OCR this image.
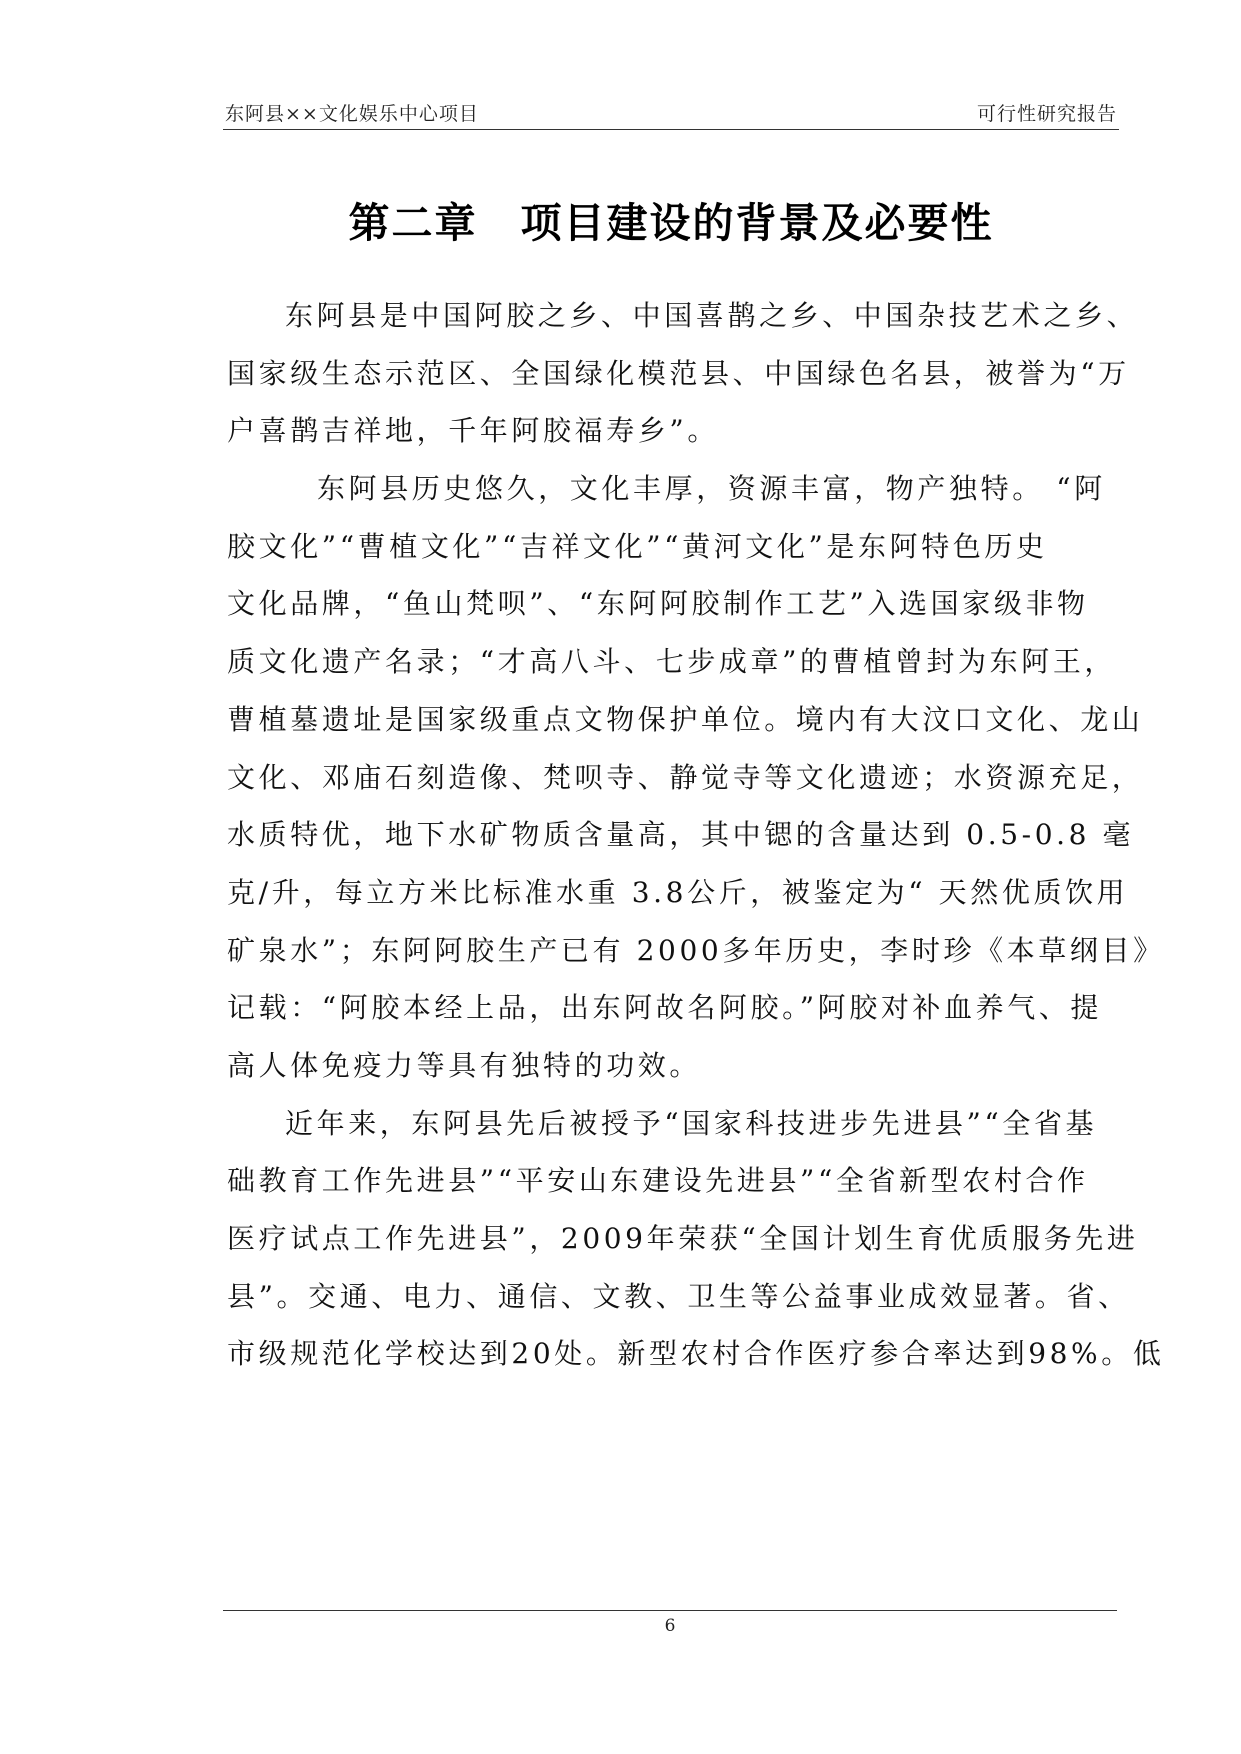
东阿县××文化娱乐中心项目	可行性研究报告
第二章　项目建设的背景及必要性
东阿县是中国阿胶之乡、中国喜鹊之乡、中国杂技艺术之乡、
国家级生态示范区、全国绿化模范县、中国绿色名县，被誉为“万
户喜鹊吉祥地，千年阿胶福寿乡”。
东阿县历史悠久，文化丰厚，资源丰富，物产独特。 “阿
胶文化”“曹植文化”“吉祥文化”“黄河文化”是东阿特色历史
文化品牌，“鱼山梵呗”、“东阿阿胶制作工艺”入选国家级非物
质文化遗产名录；“才高八斗、七步成章”的曹植曾封为东阿王，
曹植墓遗址是国家级重点文物保护单位。境内有大汶口文化、龙山
文化、邓庙石刻造像、梵呗寺、静觉寺等文化遗迹；水资源充足，
水质特优，地下水矿物质含量高，其中锶的含量达到 0.5-0.8 毫
克/升，每立方米比标准水重 3.8公斤，被鉴定为“ 天然优质饮用
矿泉水”；东阿阿胶生产已有 2000多年历史，李时珍《本草纲目》
记载：“阿胶本经上品，出东阿故名阿胶。”阿胶对补血养气、提
高人体免疫力等具有独特的功效。
近年来，东阿县先后被授予“国家科技进步先进县”“全省基
础教育工作先进县”“平安山东建设先进县”“全省新型农村合作
医疗试点工作先进县”，2009年荣获“全国计划生育优质服务先进
县”。交通、电力、通信、文教、卫生等公益事业成效显著。省、
市级规范化学校达到20处。新型农村合作医疗参合率达到98%。低
6
